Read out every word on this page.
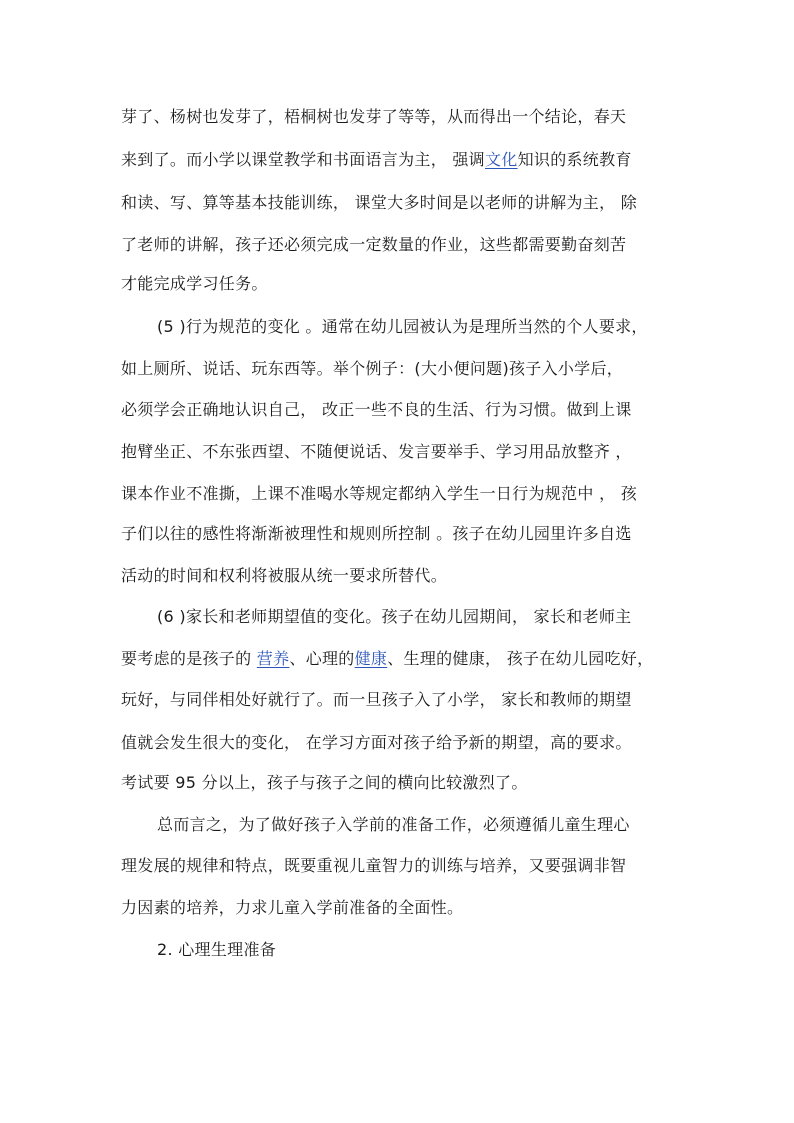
芽了、杨树也发芽了，梧桐树也发芽了等等，从而得出一个结论，春天
来到了。而小学以课堂教学和书面语言为主， 强调文化知识的系统教育
和读、写、算等基本技能训练， 课堂大多时间是以老师的讲解为主， 除
了老师的讲解，孩子还必须完成一定数量的作业，这些都需要勤奋刻苦
才能完成学习任务。
(5 )行为规范的变化 。通常在幼儿园被认为是理所当然的个人要求，
如上厕所、说话、玩东西等。举个例子：(大小便问题)孩子入小学后，
必须学会正确地认识自己， 改正一些不良的生活、行为习惯。做到上课
抱臂坐正、不东张西望、不随便说话、发言要举手、学习用品放整齐 ，
课本作业不准撕，上课不准喝水等规定都纳入学生一日行为规范中 ， 孩
子们以往的感性将渐渐被理性和规则所控制 。孩子在幼儿园里许多自选
活动的时间和权利将被服从统一要求所替代。
(6 )家长和老师期望值的变化。孩子在幼儿园期间， 家长和老师主
要考虑的是孩子的 营养、心理的健康、生理的健康， 孩子在幼儿园吃好，
玩好，与同伴相处好就行了。而一旦孩子入了小学， 家长和教师的期望
值就会发生很大的变化， 在学习方面对孩子给予新的期望，高的要求。
考试要 95 分以上，孩子与孩子之间的横向比较激烈了。
总而言之，为了做好孩子入学前的准备工作，必须遵循儿童生理心
理发展的规律和特点，既要重视儿童智力的训练与培养，又要强调非智
力因素的培养，力求儿童入学前准备的全面性。
2. 心理生理准备
